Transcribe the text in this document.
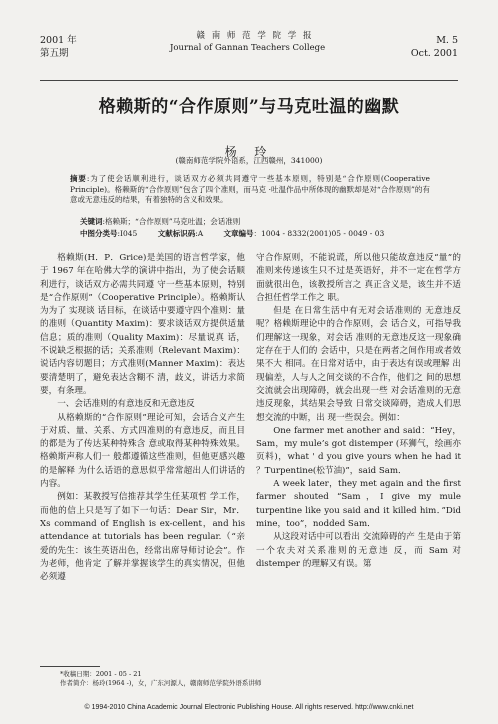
2001 年
第五期
赣 南 师 范 学 院 学 报
Journal of Gannan Teachers College
M. 5
Oct. 2001
格赖斯的“合作原则”与马克吐温的幽默
杨 玲
(赣南师范学院外语系，江西赣州，341000)
摘要:为了使会话顺利进行，谈话双方必须共同遵守一些基本原则，特别是“合作原则(Cooperative Principle)。格赖斯的“合作原则”包含了四个准则，而马克 ·吐温作品中所体现的幽默却是对“合作原则”的有意或无意违反的结果，有着独特的含义和效果。
关键词:格赖斯；“合作原则”马克吐温；会话准则
中图分类号:I045	文献标识码:A	文章编号：1004 - 8332(2001)05 - 0049 - 03

格赖斯(H．P．Grice)是美国的语言哲学家，他于 1967 年在哈佛大学的演讲中指出，为了使会话顺利进行，谈话双方必需共同遵 守一些基本原则，特别是“合作原则”（Cooperative Principle）。格赖斯认为为了 实现谈 话目标，在谈话中要遵守四个准则：量的准则（Quantity Maxim)：要求谈话双方提供适量 信息；质的准则（Quality Maxim)：尽量说真 话，不说缺乏根据的话；关系准则（Relevant Maxim)：说话内容切题目；方式准则(Manner Maxim)：表达要清楚明了，避免表达含糊不 清，歧义，讲话力求简要，有条理。

一、会话准则的有意违反和无意违反

从格赖斯的“合作原则”理论可知，会话合义产生于对质、量、关系、方式四准则的有意违反，而且目的都是为了传达某种特殊含 意或取得某种特殊效果。格赖斯声称人们一 般都遵循这些准则，但他更感兴趣的是解释 为什么话语的意思似乎常常超出人们讲话的 内容。

例如：某教授写信推荐其学生任某项哲 学工作，而他的信上只是写了如下一句话：Dear Sir，Mr．Xs command of English is ex-cellent，and his attendance at tutorials has been regular.（“亲爱的先生：该生英语出色，经常出席导师讨论会”。作为老师，他肯定 了解并掌握该学生的真实情况，但他必须遵

守合作原则，不能说谎，所以他只能故意违反“量”的准则来传递该生只不过是英语好，并不一定在哲学方面就很出色，该教授所言之 真正含义是，该生并不适合担任哲学工作之 职。

但是 在日常生活中有无对会话准则的 无意违反呢？格赖斯理论中的合作原则，会 话合义，可指导我们理解这一现象，对会话 准则的无意违反这一现象确定存在于人们的 会话中，只是在两者之间作用或者效果不大 相同。在日常对话中，由于表达有误或理解 出现偏差，人与人之间交谈的不合作，他们之 间的思想交流就会出现障碍，就会出现一些 对会话准则的无意违反现象，其结果会导致 日常交谈障碍，造成人们思想交流的中断，出 现一些误会。例如：

One farmer met another and said：“Hey，Sam，my mule’s got distemper (环狮气，绘画亦页料)，what ' d you give yours when he had it ？Turpentine(松节油)”，said Sam．

A week later，they met again and the first farmer shouted “Sam，I give my mule turpentine like you said and it killed him．”Did mine，too”，nodded Sam．

从这段对话中可以看出 交流障碍的产 生是由于第一个农夫对关系准则的无意违 反，而 Sam 对 distemper 的理解又有误。第

*收稿日期：2001 - 05 - 21
作者简介：杨玲(1964 -)，女，广东河源人，赣南师范学院外语系讲师
© 1994-2010 China Academic Journal Electronic Publishing House. All rights reserved. http://www.cnki.net
